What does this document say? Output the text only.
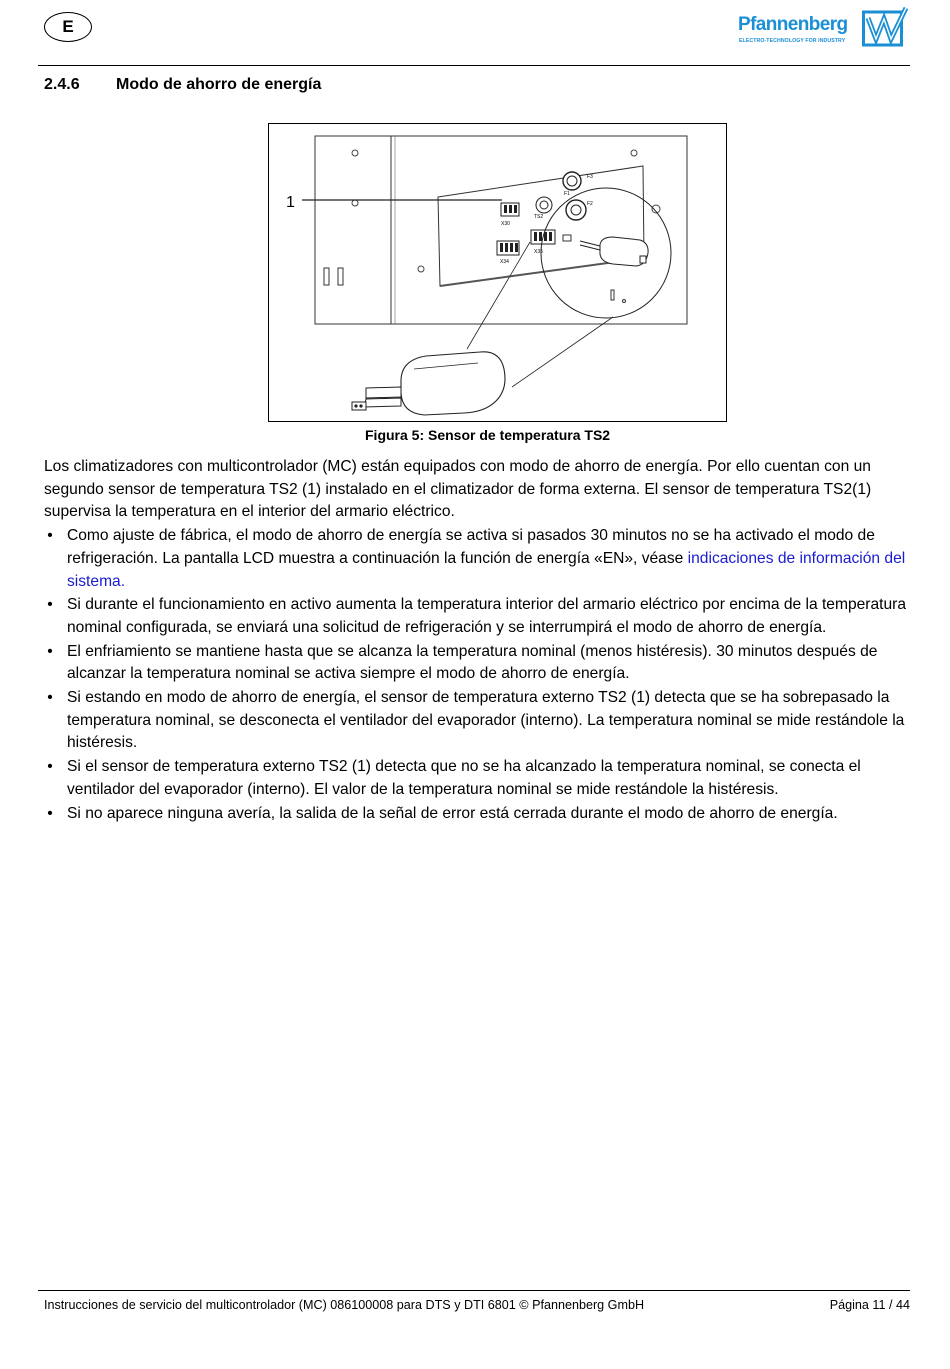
E	Pfannenberg
ELECTRO-TECHNOLOGY FOR INDUSTRY
2.4.6 Modo de ahorro de energía
X30
X34
X35
TS2
F3
F1
F2
1
Figura 5: Sensor de temperatura TS2

Los climatizadores con multicontrolador (MC) están equipados con modo de ahorro de energía. Por ello cuentan con un segundo sensor de temperatura TS2 (1) instalado en el climatizador de forma externa. El sensor de temperatura TS2(1) supervisa la temperatura en el interior del armario eléctrico.

• Como ajuste de fábrica, el modo de ahorro de energía se activa si pasados 30 minutos no se ha activado el modo de refrigeración. La pantalla LCD muestra a continuación la función de energía «EN», véase indicaciones de información del sistema.
• Si durante el funcionamiento en activo aumenta la temperatura interior del armario eléctrico por encima de la temperatura nominal configurada, se enviará una solicitud de refrigeración y se interrumpirá el modo de ahorro de energía.
• El enfriamiento se mantiene hasta que se alcanza la temperatura nominal (menos histéresis). 30 minutos después de alcanzar la temperatura nominal se activa siempre el modo de ahorro de energía.
• Si estando en modo de ahorro de energía, el sensor de temperatura externo TS2 (1) detecta que se ha sobrepasado la temperatura nominal, se desconecta el ventilador del evaporador (interno). La temperatura nominal se mide restándole la histéresis.
• Si el sensor de temperatura externo TS2 (1) detecta que no se ha alcanzado la temperatura nominal, se conecta el ventilador del evaporador (interno). El valor de la temperatura nominal se mide restándole la histéresis.
• Si no aparece ninguna avería, la salida de la señal de error está cerrada durante el modo de ahorro de energía.
Instrucciones de servicio del multicontrolador (MC) 086100008 para DTS y DTI 6801 © Pfannenberg GmbH	Página 11 / 44
